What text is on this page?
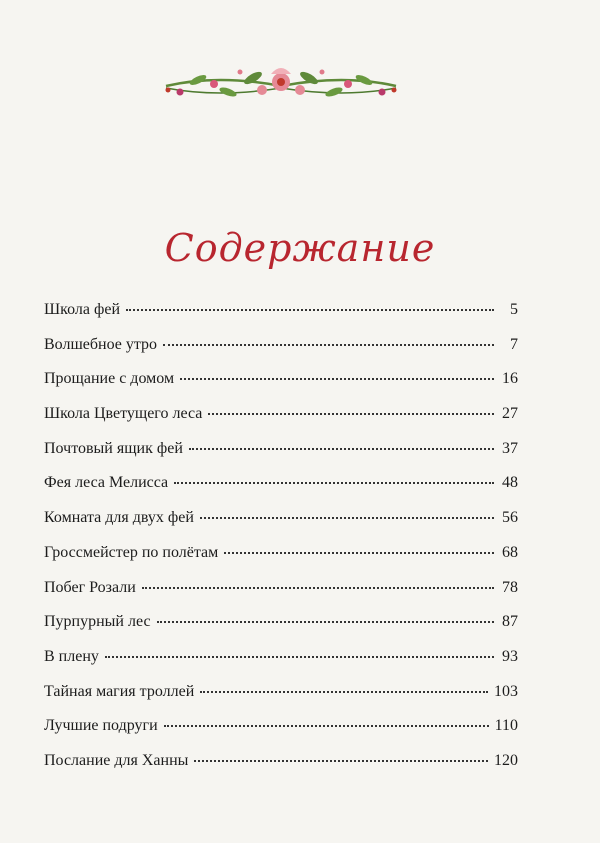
Содержание
Школа фей	5
Волшебное утро	7
Прощание с домом	16
Школа Цветущего леса	27
Почтовый ящик фей	37
Фея леса Мелисса	48
Комната для двух фей	56
Гроссмейстер по полётам	68
Побег Розали	78
Пурпурный лес	87
В плену	93
Тайная магия троллей	103
Лучшие подруги	110
Послание для Ханны	120
